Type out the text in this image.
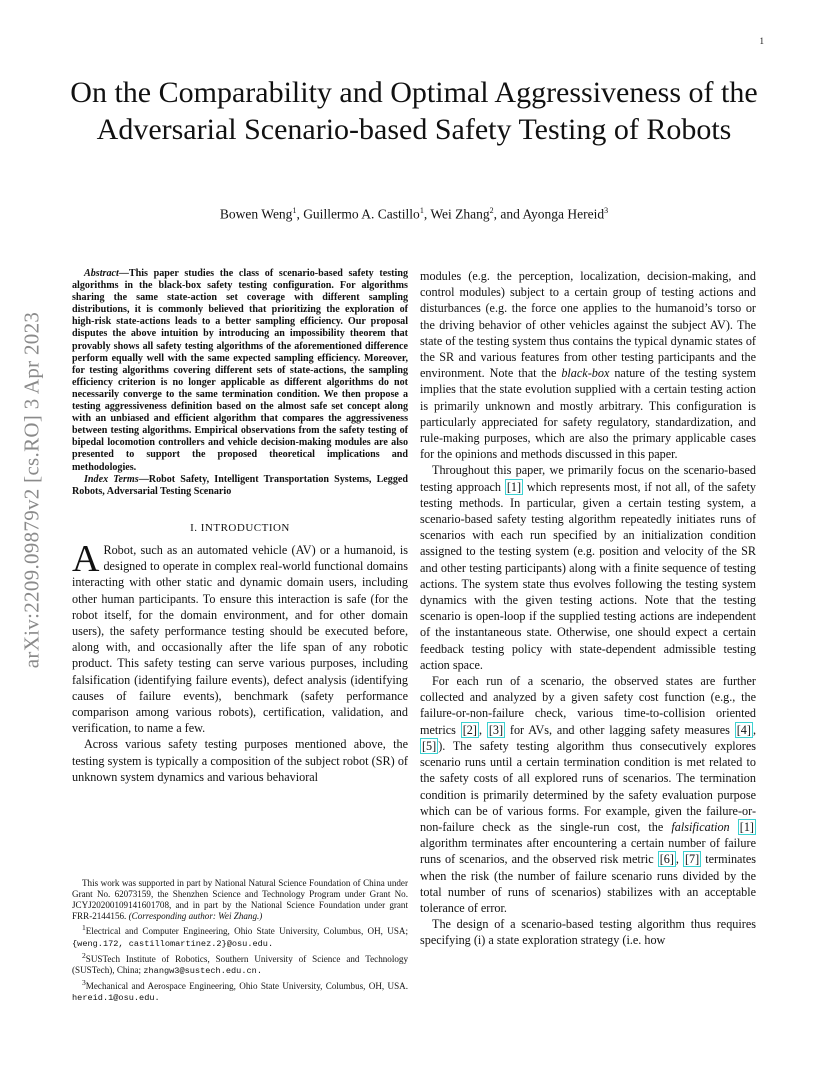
1
arXiv:2209.09879v2 [cs.RO] 3 Apr 2023
On the Comparability and Optimal Aggressiveness of the Adversarial Scenario-based Safety Testing of Robots
Bowen Weng$^1$, Guillermo A. Castillo$^1$, Wei Zhang$^2$, and Ayonga Hereid$^3$

Abstract—This paper studies the class of scenario-based safety testing algorithms in the black-box safety testing configuration. For algorithms sharing the same state-action set coverage with different sampling distributions, it is commonly believed that prioritizing the exploration of high-risk state-actions leads to a better sampling efficiency. Our proposal disputes the above intuition by introducing an impossibility theorem that provably shows all safety testing algorithms of the aforementioned difference perform equally well with the same expected sampling efficiency. Moreover, for testing algorithms covering different sets of state-actions, the sampling efficiency criterion is no longer applicable as different algorithms do not necessarily converge to the same termination condition. We then propose a testing aggressiveness definition based on the almost safe set concept along with an unbiased and efficient algorithm that compares the aggressiveness between testing algorithms. Empirical observations from the safety testing of bipedal locomotion controllers and vehicle decision-making modules are also presented to support the proposed theoretical implications and methodologies.

Index Terms—Robot Safety, Intelligent Transportation Systems, Legged Robots, Adversarial Testing Scenario

I. INTRODUCTION

A Robot, such as an automated vehicle (AV) or a humanoid, is designed to operate in complex real-world functional domains interacting with other static and dynamic domain users, including other human participants. To ensure this interaction is safe (for the robot itself, for the domain environment, and for other domain users), the safety performance testing should be executed before, along with, and occasionally after the life span of any robotic product. This safety testing can serve various purposes, including falsification (identifying failure events), defect analysis (identifying causes of failure events), benchmark (safety performance comparison among various robots), certification, validation, and verification, to name a few.

Across various safety testing purposes mentioned above, the testing system is typically a composition of the subject robot (SR) of unknown system dynamics and various behavioral

This work was supported in part by National Natural Science Foundation of China under Grant No. 62073159, the Shenzhen Science and Technology Program under Grant No. JCYJ20200109141601708, and in part by the National Science Foundation under grant FRR-2144156. (Corresponding author: Wei Zhang.)

$^1$Electrical and Computer Engineering, Ohio State University, Columbus, OH, USA; {weng.172, castillomartinez.2}@osu.edu.

$^2$SUSTech Institute of Robotics, Southern University of Science and Technology (SUSTech), China; zhangw3@sustech.edu.cn.

$^3$Mechanical and Aerospace Engineering, Ohio State University, Columbus, OH, USA. hereid.1@osu.edu.

modules (e.g. the perception, localization, decision-making, and control modules) subject to a certain group of testing actions and disturbances (e.g. the force one applies to the humanoid’s torso or the driving behavior of other vehicles against the subject AV). The state of the testing system thus contains the typical dynamic states of the SR and various features from other testing participants and the environment. Note that the black-box nature of the testing system implies that the state evolution supplied with a certain testing action is primarily unknown and mostly arbitrary. This configuration is particularly appreciated for safety regulatory, standardization, and rule-making purposes, which are also the primary applicable cases for the opinions and methods discussed in this paper.

Throughout this paper, we primarily focus on the scenario-based testing approach [1] which represents most, if not all, of the safety testing methods. In particular, given a certain testing system, a scenario-based safety testing algorithm repeatedly initiates runs of scenarios with each run specified by an initialization condition assigned to the testing system (e.g. position and velocity of the SR and other testing participants) along with a finite sequence of testing actions. The system state thus evolves following the testing system dynamics with the given testing actions. Note that the testing scenario is open-loop if the supplied testing actions are independent of the instantaneous state. Otherwise, one should expect a certain feedback testing policy with state-dependent admissible testing action space.

For each run of a scenario, the observed states are further collected and analyzed by a given safety cost function (e.g., the failure-or-non-failure check, various time-to-collision oriented metrics [2] , [3] for AVs, and other lagging safety measures [4] , [5] ). The safety testing algorithm thus consecutively explores scenario runs until a certain termination condition is met related to the safety costs of all explored runs of scenarios. The termination condition is primarily determined by the safety evaluation purpose which can be of various forms. For example, given the failure-or-non-failure check as the single-run cost, the falsification [1] algorithm terminates after encountering a certain number of failure runs of scenarios, and the observed risk metric [6] , [7] terminates when the risk (the number of failure scenario runs divided by the total number of runs of scenarios) stabilizes with an acceptable tolerance of error.

The design of a scenario-based testing algorithm thus requires specifying (i) a state exploration strategy (i.e. how
